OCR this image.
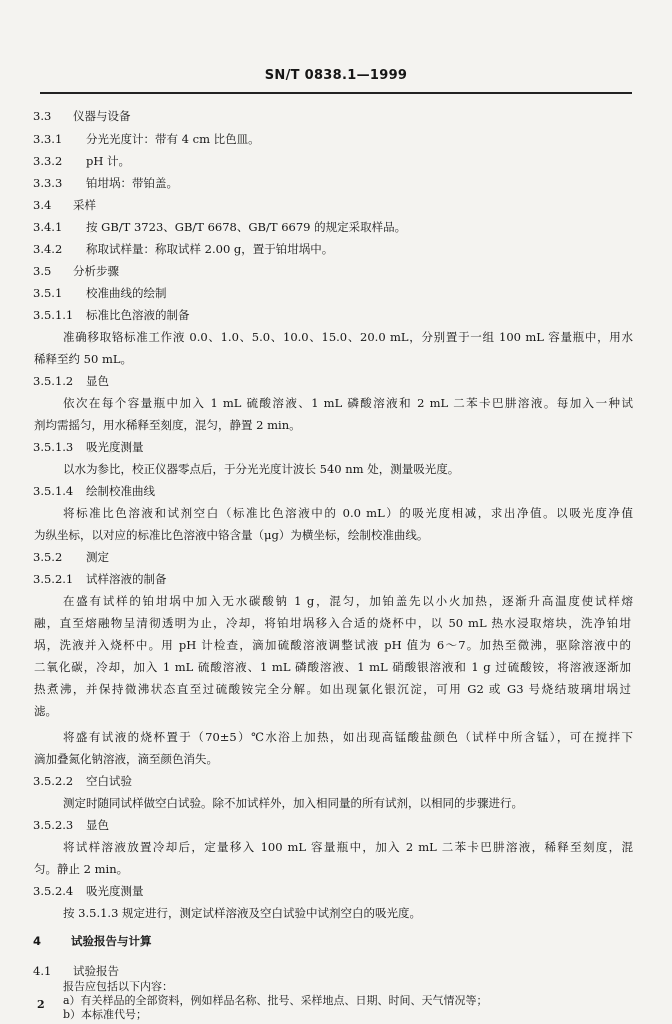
SN/T 0838.1—1999
3.3 仪器与设备
3.3.1 分光光度计：带有 4 cm 比色皿。
3.3.2 pH 计。
3.3.3 铂坩埚：带铂盖。
3.4 采样
3.4.1 按 GB/T 3723、GB/T 6678、GB/T 6679 的规定采取样品。
3.4.2 称取试样量：称取试样 2.00 g，置于铂坩埚中。
3.5 分析步骤
3.5.1 校准曲线的绘制
3.5.1.1 标准比色溶液的制备
准确移取铬标准工作液 0.0、1.0、5.0、10.0、15.0、20.0 mL，分别置于一组 100 mL 容量瓶中，用水
稀释至约 50 mL。
3.5.1.2 显色
依次在每个容量瓶中加入 1 mL 硫酸溶液、1 mL 磷酸溶液和 2 mL 二苯卡巴肼溶液。每加入一种试
剂均需摇匀，用水稀释至刻度，混匀，静置 2 min。
3.5.1.3 吸光度测量
以水为参比，校正仪器零点后，于分光光度计波长 540 nm 处，测量吸光度。
3.5.1.4 绘制校准曲线
将标准比色溶液和试剂空白（标准比色溶液中的 0.0 mL）的吸光度相减，求出净值。以吸光度净值
为纵坐标，以对应的标准比色溶液中铬含量（μg）为横坐标，绘制校准曲线。
3.5.2 测定
3.5.2.1 试样溶液的制备
在盛有试样的铂坩埚中加入无水碳酸钠 1 g，混匀，加铂盖先以小火加热，逐渐升高温度使试样熔
融，直至熔融物呈清彻透明为止，冷却，将铂坩埚移入合适的烧杯中，以 50 mL 热水浸取熔块，洗净铂坩
埚，洗液并入烧杯中。用 pH 计检查，滴加硫酸溶液调整试液 pH 值为 6～7。加热至微沸，驱除溶液中的
二氧化碳，冷却，加入 1 mL 硫酸溶液、1 mL 磷酸溶液、1 mL 硝酸银溶液和 1 g 过硫酸铵，将溶液逐渐加
热煮沸，并保持微沸状态直至过硫酸铵完全分解。如出现氯化银沉淀，可用 G2 或 G3 号烧结玻璃坩埚过
滤。
将盛有试液的烧杯置于（70±5）℃水浴上加热，如出现高锰酸盐颜色（试样中所含锰），可在搅拌下
滴加叠氮化钠溶液，滴至颜色消失。
3.5.2.2 空白试验
测定时随同试样做空白试验。除不加试样外，加入相同量的所有试剂，以相同的步骤进行。
3.5.2.3 显色
将试样溶液放置冷却后，定量移入 100 mL 容量瓶中，加入 2 mL 二苯卡巴肼溶液，稀释至刻度，混
匀。静止 2 min。
3.5.2.4 吸光度测量
按 3.5.1.3 规定进行，测定试样溶液及空白试验中试剂空白的吸光度。
4	试验报告与计算
4.1 试验报告
报告应包括以下内容：
a）有关样品的全部资料，例如样品名称、批号、采样地点、日期、时间、天气情况等；
b）本标准代号；
2
